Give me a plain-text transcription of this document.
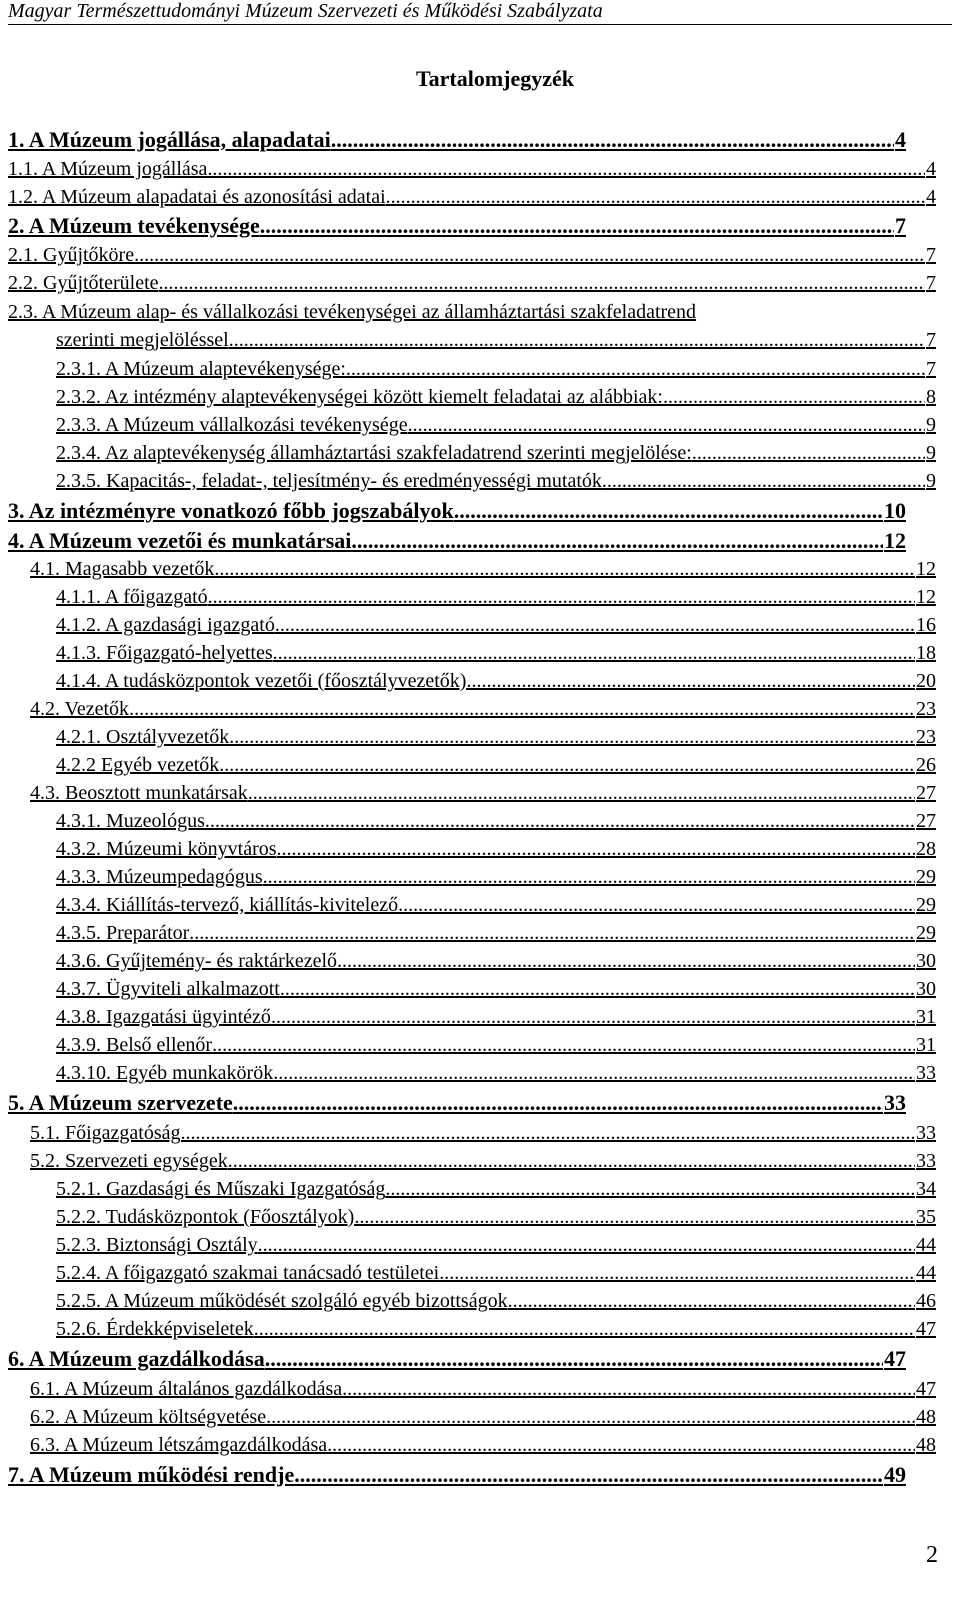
Magyar Természettudományi Múzeum Szervezeti és Működési Szabályzata
Tartalomjegyzék
1. A Múzeum jogállása, alapadatai .....	4
1.1. A Múzeum jogállása .....	4
1.2. A Múzeum alapadatai és azonosítási adatai .....	4
2. A Múzeum tevékenysége .....	7
2.1. Gyűjtőköre .....	7
2.2. Gyűjtőterülete .....	7
2.3. A Múzeum alap- és vállalkozási tevékenységei az államháztartási szakfeladatrend
szerinti megjelöléssel .....	7
2.3.1. A Múzeum alaptevékenysége: .....	7
2.3.2. Az intézmény alaptevékenységei között kiemelt feladatai az alábbiak: .....	8
2.3.3. A Múzeum vállalkozási tevékenysége .....	9
2.3.4. Az alaptevékenység államháztartási szakfeladatrend szerinti megjelölése: .....	9
2.3.5. Kapacitás-, feladat-, teljesítmény- és eredményességi mutatók .....	9
3. Az intézményre vonatkozó főbb jogszabályok .....	10
4. A Múzeum vezetői és munkatársai .....	12
4.1. Magasabb vezetők .....	12
4.1.1. A főigazgató .....	12
4.1.2. A gazdasági igazgató .....	16
4.1.3. Főigazgató-helyettes .....	18
4.1.4. A tudásközpontok vezetői (főosztályvezetők) .....	20
4.2. Vezetők .....	23
4.2.1. Osztályvezetők .....	23
4.2.2 Egyéb vezetők .....	26
4.3. Beosztott munkatársak .....	27
4.3.1. Muzeológus .....	27
4.3.2. Múzeumi könyvtáros .....	28
4.3.3. Múzeumpedagógus .....	29
4.3.4. Kiállítás-tervező, kiállítás-kivitelező .....	29
4.3.5. Preparátor .....	29
4.3.6. Gyűjtemény- és raktárkezelő .....	30
4.3.7. Ügyviteli alkalmazott .....	30
4.3.8. Igazgatási ügyintéző .....	31
4.3.9. Belső ellenőr .....	31
4.3.10. Egyéb munkakörök .....	33
5. A Múzeum szervezete .....	33
5.1. Főigazgatóság .....	33
5.2. Szervezeti egységek .....	33
5.2.1. Gazdasági és Műszaki Igazgatóság .....	34
5.2.2. Tudásközpontok (Főosztályok) .....	35
5.2.3. Biztonsági Osztály .....	44
5.2.4. A főigazgató szakmai tanácsadó testületei .....	44
5.2.5. A Múzeum működését szolgáló egyéb bizottságok .....	46
5.2.6. Érdekképviseletek .....	47
6. A Múzeum gazdálkodása .....	47
6.1. A Múzeum általános gazdálkodása .....	47
6.2. A Múzeum költségvetése .....	48
6.3. A Múzeum létszámgazdálkodása .....	48
7. A Múzeum működési rendje .....	49
2
